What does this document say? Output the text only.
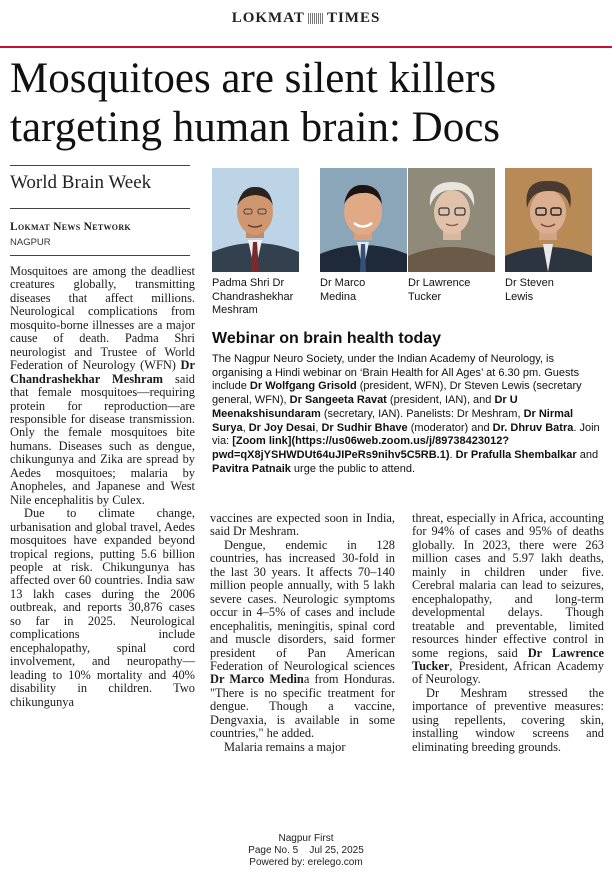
LOKMAT TIMES
Mosquitoes are silent killers targeting human brain: Docs
World Brain Week
Lokmat News Network
NAGPUR
Padma Shri Dr Chandrashekhar Meshram
Dr Marco Medina
Dr Lawrence Tucker
Dr Steven Lewis
Webinar on brain health today
The Nagpur Neuro Society, under the Indian Academy of Neurology, is organising a Hindi webinar on ‘Brain Health for All Ages’ at 6.30 pm. Guests include Dr Wolfgang Grisold (president, WFN), Dr Steven Lewis (secretary general, WFN), Dr Sangeeta Ravat (president, IAN), and Dr U Meenakshisundaram (secretary, IAN). Panelists: Dr Meshram, Dr Nirmal Surya, Dr Joy Desai, Dr Sudhir Bhave (moderator) and Dr. Dhruv Batra. Join via: [Zoom link](https://us06web.zoom.us/j/89738423012?pwd=qX8jYSHWDUt64uJIPeRs9nihv5C5RB.1). Dr Prafulla Shembalkar and Pavitra Patnaik urge the public to attend.

Mosquitoes are among the deadliest creatures globally, transmitting diseases that affect millions. Neurological complications from mosquito-borne illnesses are a major cause of death. Padma Shri neurologist and Trustee of World Federation of Neurology (WFN) Dr Chandrashekhar Meshram said that female mosquitoes—requiring protein for reproduction—are responsible for disease transmission. Only the female mosquitoes bite humans. Diseases such as dengue, chikungunya and Zika are spread by Aedes mosquitoes; malaria by Anopheles, and Japanese and West Nile encephalitis by Culex.

Due to climate change, urbanisation and global travel, Aedes mosquitoes have expanded beyond tropical regions, putting 5.6 billion people at risk. Chikungunya has affected over 60 countries. India saw 13 lakh cases during the 2006 outbreak, and reports 30,876 cases so far in 2025. Neurological complications include encephalopathy, spinal cord involvement, and neuropathy—leading to 10% mortality and 40% disability in children. Two chikungunya

vaccines are expected soon in India, said Dr Meshram.

Dengue, endemic in 128 countries, has increased 30-fold in the last 30 years. It affects 70–140 million people annually, with 5 lakh severe cases. Neurologic symptoms occur in 4–5% of cases and include encephalitis, meningitis, spinal cord and muscle disorders, said former president of Pan American Federation of Neurological sciences Dr Marco Medina from Honduras. "There is no specific treatment for dengue. Though a vaccine, Dengvaxia, is available in some countries," he added.

Malaria remains a major

threat, especially in Africa, accounting for 94% of cases and 95% of deaths globally. In 2023, there were 263 million cases and 5.97 lakh deaths, mainly in children under five. Cerebral malaria can lead to seizures, encephalopathy, and long-term developmental delays. Though treatable and preventable, limited resources hinder effective control in some regions, said Dr Lawrence Tucker, President, African Academy of Neurology.

Dr Meshram stressed the importance of preventive measures: using repellents, covering skin, installing window screens and eliminating breeding grounds.

Nagpur First
Page No. 5    Jul 25, 2025
Powered by: erelego.com
